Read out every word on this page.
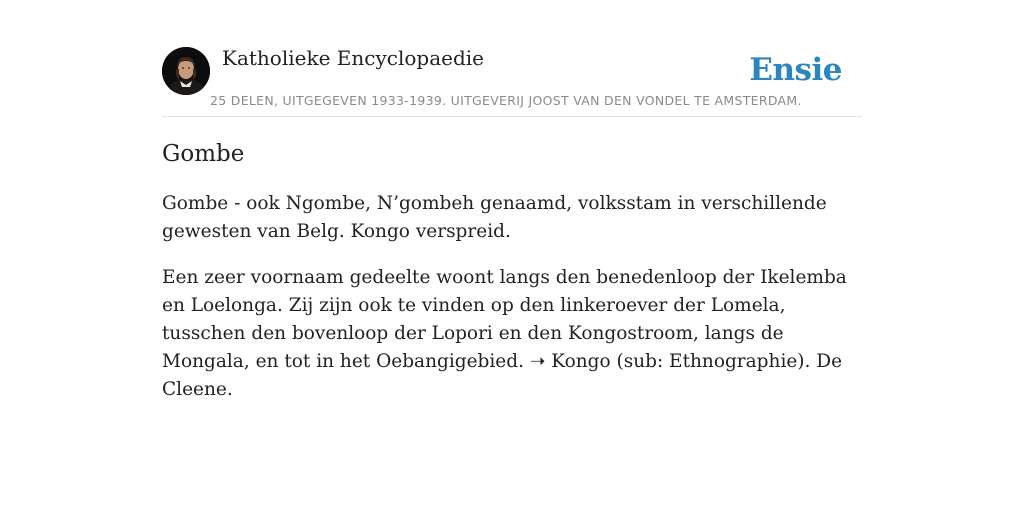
Katholieke Encyclopaedie
25 DELEN, UITGEGEVEN 1933-1939. UITGEVERIJ JOOST VAN DEN VONDEL TE AMSTERDAM.
Ensie
Gombe

Gombe - ook Ngombe, N’gombeh genaamd, volksstam in verschillende gewesten van Belg. Kongo verspreid.

Een zeer voornaam gedeelte woont langs den benedenloop der Ikelemba en Loelonga. Zij zijn ook te vinden op den linkeroever der Lomela, tusschen den bovenloop der Lopori en den Kongostroom, langs de Mongala, en tot in het Oebangigebied. ➝ Kongo (sub: Ethnographie). De Cleene.
